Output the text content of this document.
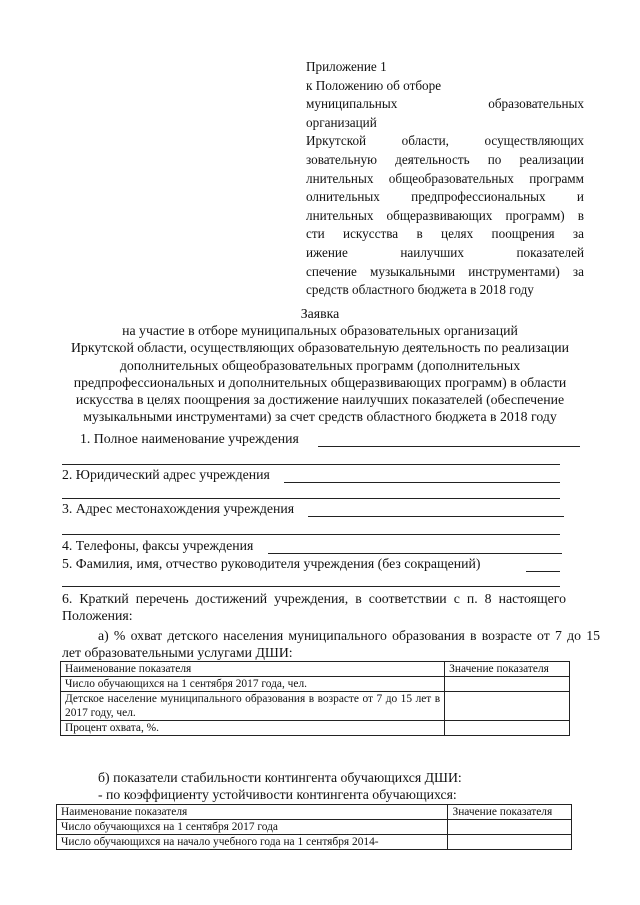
Приложение 1
к Положению об отборе
муниципальных образовательных
организаций
Иркутской области, осуществляющих
зовательную деятельность по реализации
лнительных общеобразовательных программ
олнительных предпрофессиональных и
лнительных общеразвивающих программ) в
сти искусства в целях поощрения за
ижение наилучших показателей
спечение музыкальными инструментами) за
средств областного бюджета в 2018 году
Заявка
на участие в отборе муниципальных образовательных организаций
Иркутской области, осуществляющих образовательную деятельность по реализации
дополнительных общеобразовательных программ (дополнительных
предпрофессиональных и дополнительных общеразвивающих программ) в области
искусства в целях поощрения за достижение наилучших показателей (обеспечение
музыкальными инструментами) за счет средств областного бюджета в 2018 году
1. Полное наименование учреждения
2. Юридический адрес учреждения
3. Адрес местонахождения учреждения
4. Телефоны, факсы учреждения
5. Фамилия, имя, отчество руководителя учреждения (без сокращений)
6. Краткий перечень достижений учреждения, в соответствии с п. 8 настоящего Положения:
а) % охват детского населения муниципального образования в возрасте от 7 до 15 лет образовательными услугами ДШИ:
Наименование показателя	Значение показателя
Число обучающихся на 1 сентября 2017 года, чел.	
Детское население муниципального образования в возрасте от 7 до 15 лет в 2017 году, чел.	
Процент охвата, %.	
б) показатели стабильности контингента обучающихся ДШИ:
- по коэффициенту устойчивости контингента обучающихся:
Наименование показателя	Значение показателя
Число обучающихся на 1 сентября 2017 года	
Число обучающихся на начало учебного года на 1 сентября 2014-	
